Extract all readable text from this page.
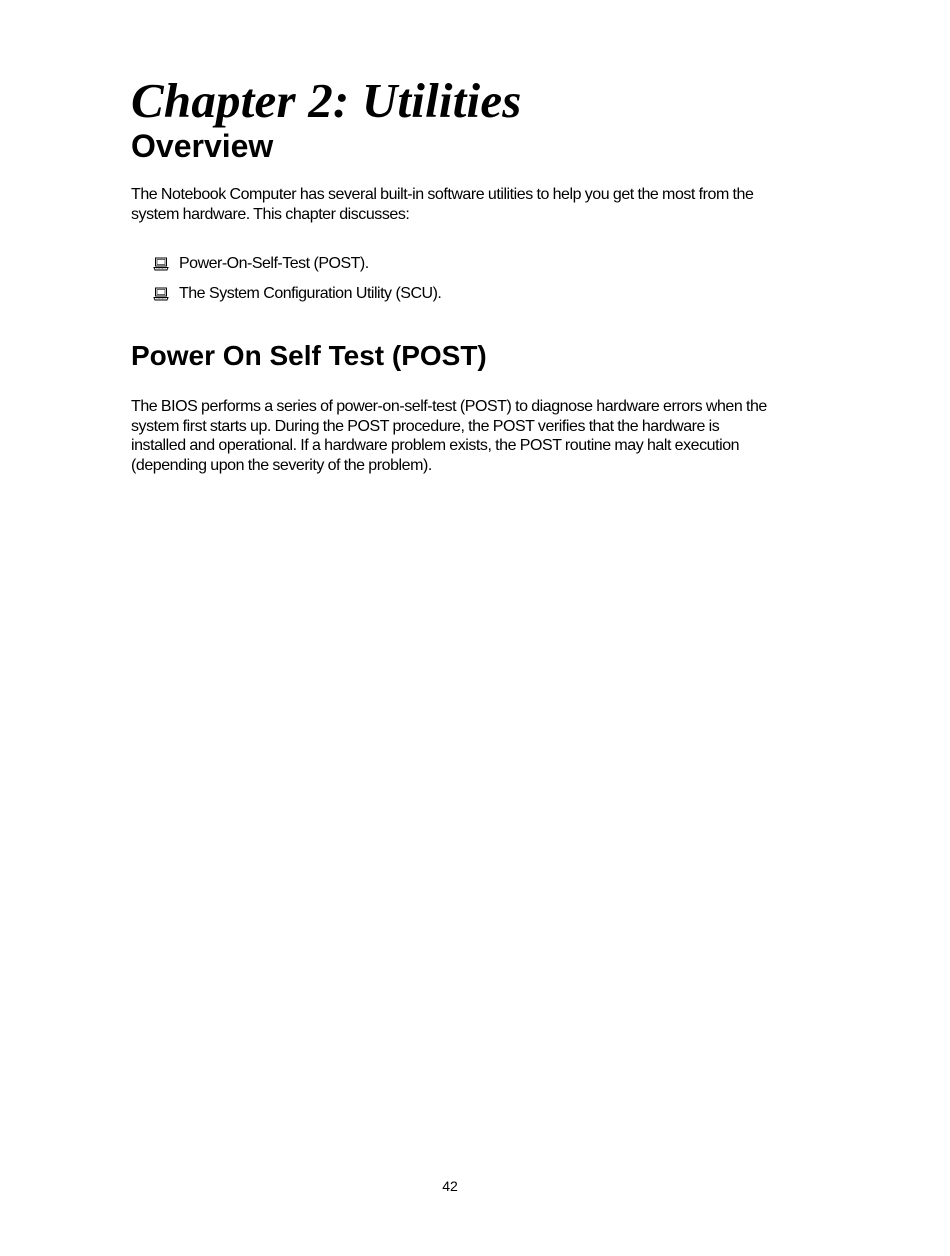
Chapter 2: Utilities
Overview

The Notebook Computer has several built-in software utilities to help you get the most from the system hardware. This chapter discusses:

Power-On-Self-Test (POST).
The System Configuration Utility (SCU).
Power On Self Test (POST)

The BIOS performs a series of power-on-self-test (POST) to diagnose hardware errors when the system first starts up. During the POST procedure, the POST verifies that the hardware is installed and operational. If a hardware problem exists, the POST routine may halt execution (depending upon the severity of the problem).

42
